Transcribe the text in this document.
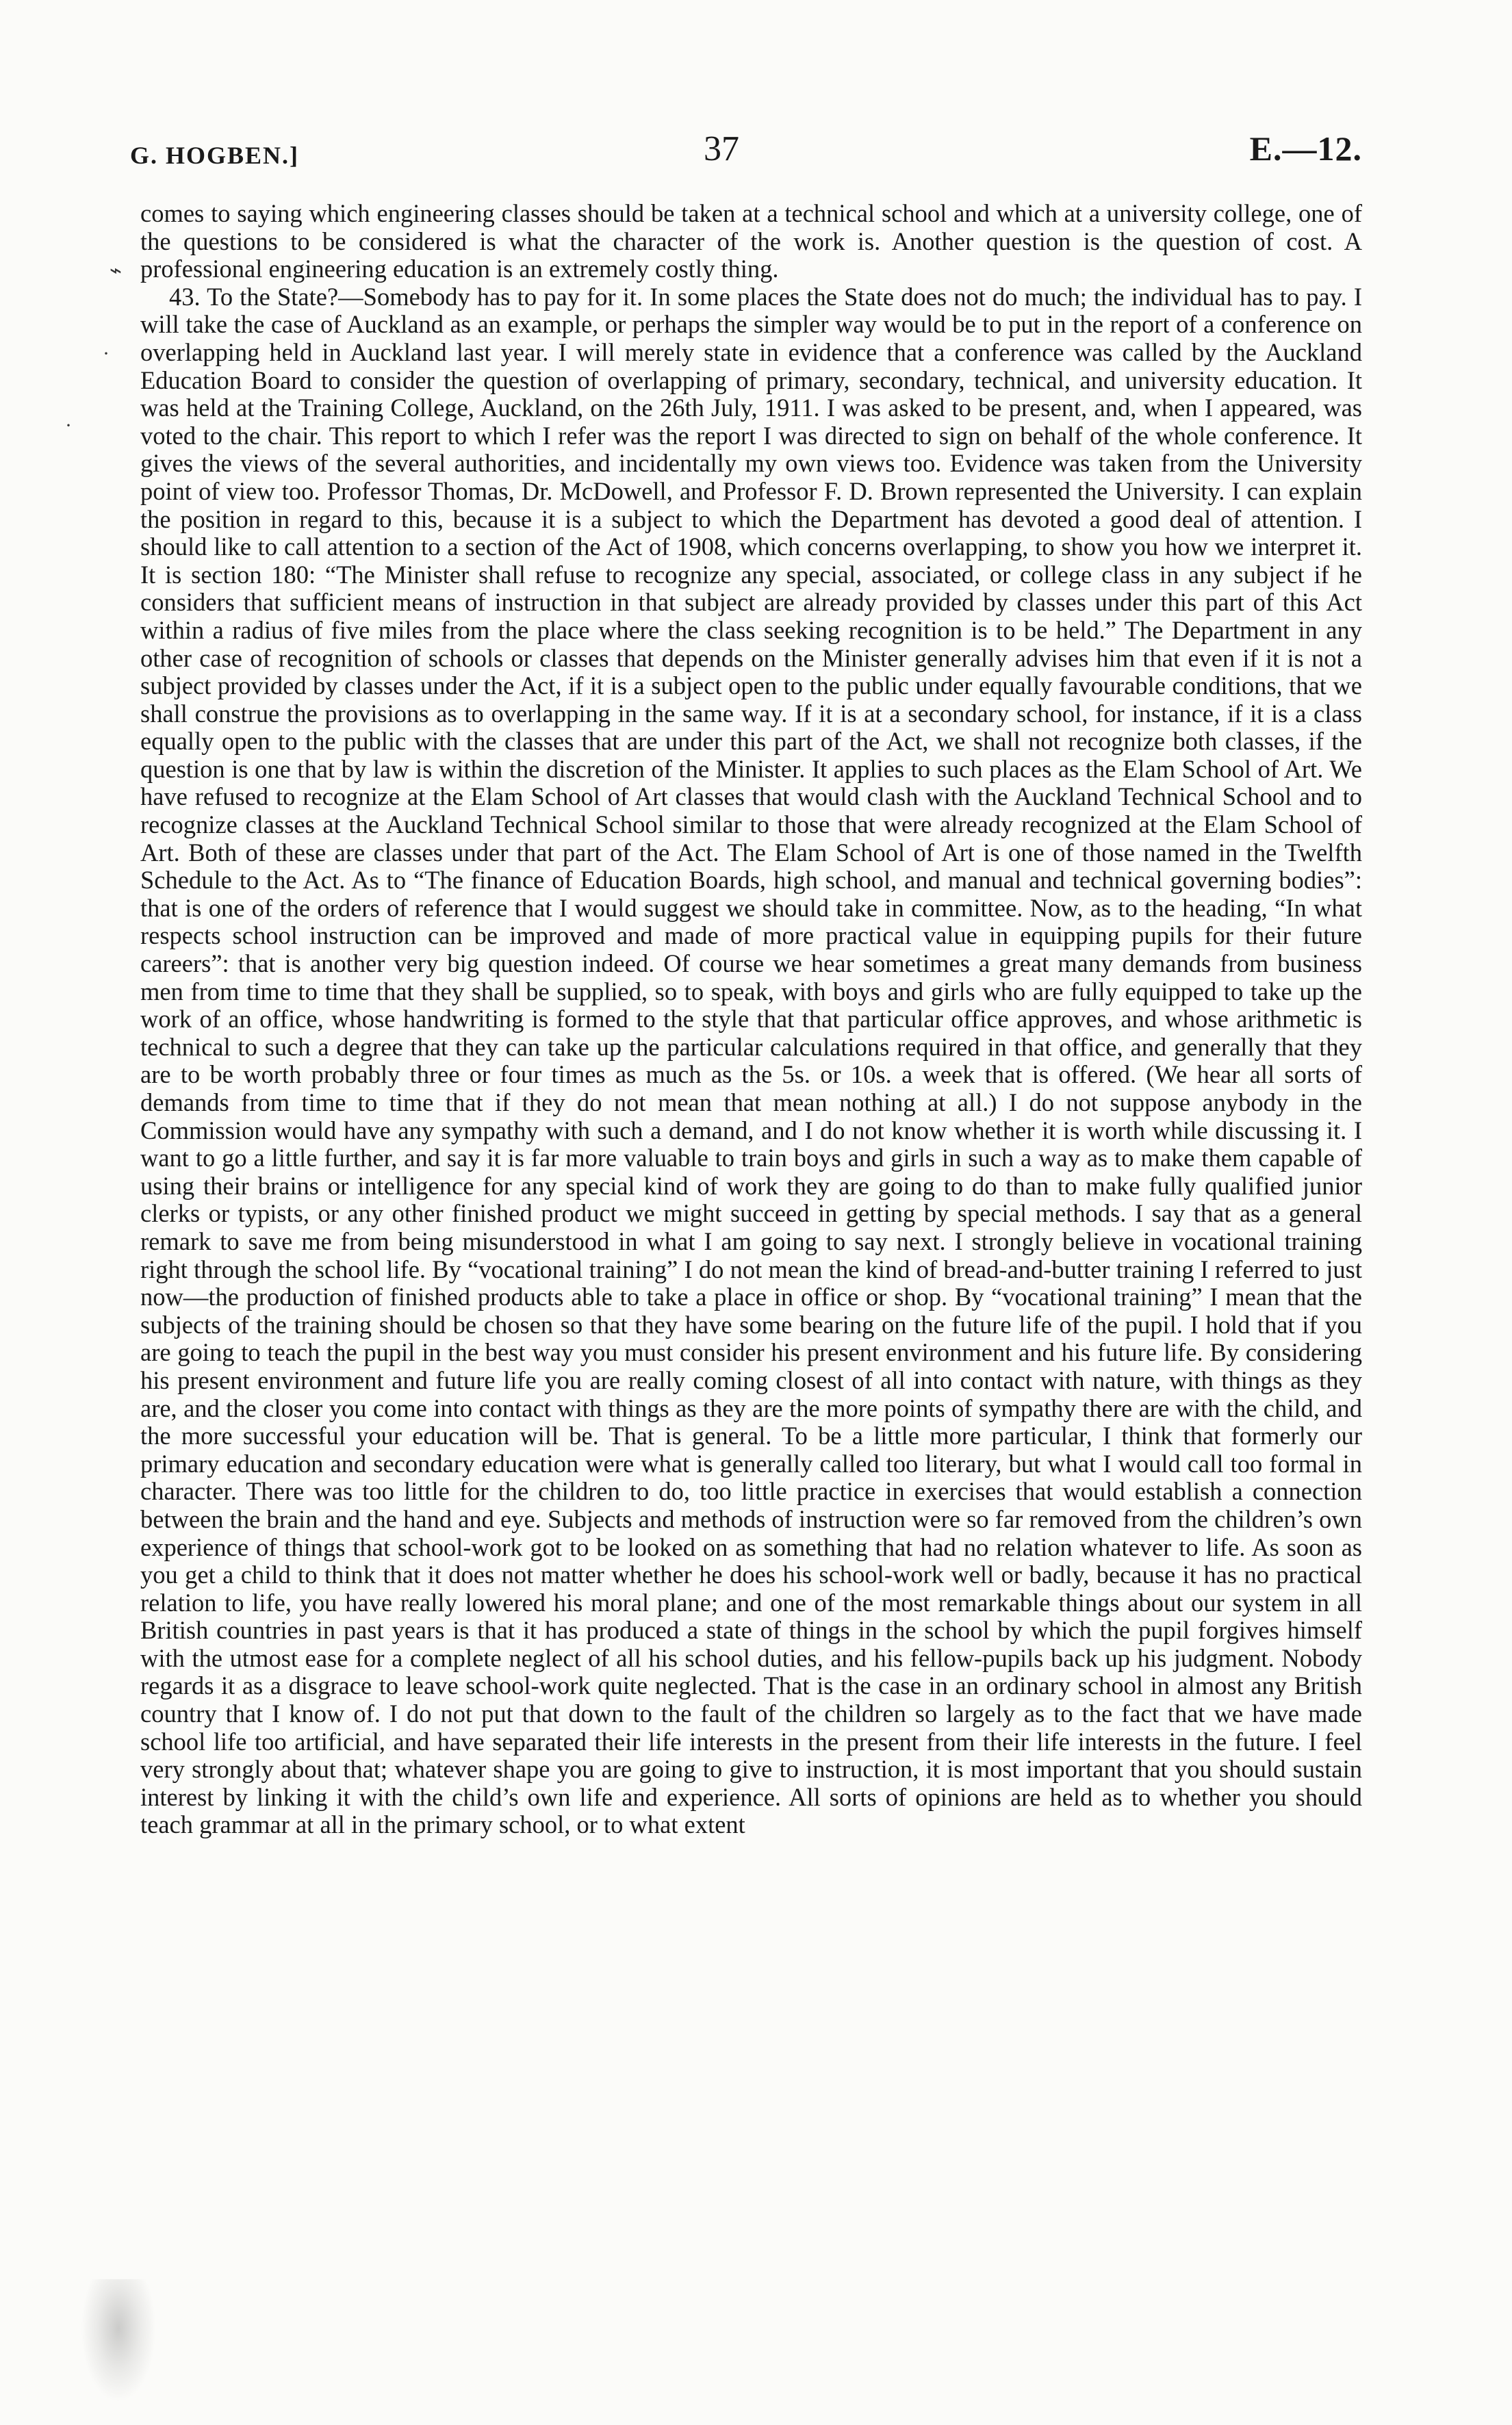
G. HOGBEN.]	37	E.—12.
⌁
·
·

comes to saying which engineering classes should be taken at a technical school and which at a university college, one of the questions to be considered is what the character of the work is. Another question is the question of cost. A professional engineering education is an extremely costly thing.

43. To the State?—Somebody has to pay for it. In some places the State does not do much; the individual has to pay. I will take the case of Auckland as an example, or perhaps the simpler way would be to put in the report of a conference on overlapping held in Auckland last year. I will merely state in evidence that a conference was called by the Auckland Education Board to consider the question of overlapping of primary, secondary, technical, and university education. It was held at the Training College, Auckland, on the 26th July, 1911. I was asked to be present, and, when I appeared, was voted to the chair. This report to which I refer was the report I was directed to sign on behalf of the whole conference. It gives the views of the several authorities, and incidentally my own views too. Evidence was taken from the University point of view too. Professor Thomas, Dr. McDowell, and Professor F. D. Brown represented the University. I can explain the position in regard to this, because it is a subject to which the Department has devoted a good deal of attention. I should like to call attention to a section of the Act of 1908, which concerns overlapping, to show you how we interpret it. It is section 180: “The Minister shall refuse to recognize any special, associated, or college class in any subject if he considers that sufficient means of instruction in that subject are already provided by classes under this part of this Act within a radius of five miles from the place where the class seeking recognition is to be held.” The Department in any other case of recognition of schools or classes that depends on the Minister generally advises him that even if it is not a subject provided by classes under the Act, if it is a subject open to the public under equally favourable conditions, that we shall construe the provisions as to overlapping in the same way. If it is at a secondary school, for instance, if it is a class equally open to the public with the classes that are under this part of the Act, we shall not recognize both classes, if the question is one that by law is within the discretion of the Minister. It applies to such places as the Elam School of Art. We have refused to recognize at the Elam School of Art classes that would clash with the Auckland Technical School and to recognize classes at the Auckland Technical School similar to those that were already recognized at the Elam School of Art. Both of these are classes under that part of the Act. The Elam School of Art is one of those named in the Twelfth Schedule to the Act. As to “The finance of Education Boards, high school, and manual and technical governing bodies”: that is one of the orders of reference that I would suggest we should take in committee. Now, as to the heading, “In what respects school instruction can be improved and made of more practical value in equipping pupils for their future careers”: that is another very big question indeed. Of course we hear sometimes a great many demands from business men from time to time that they shall be supplied, so to speak, with boys and girls who are fully equipped to take up the work of an office, whose handwriting is formed to the style that that particular office approves, and whose arithmetic is technical to such a degree that they can take up the particular calculations required in that office, and generally that they are to be worth probably three or four times as much as the 5s. or 10s. a week that is offered. (We hear all sorts of demands from time to time that if they do not mean that mean nothing at all.) I do not suppose anybody in the Commission would have any sympathy with such a demand, and I do not know whether it is worth while discussing it. I want to go a little further, and say it is far more valuable to train boys and girls in such a way as to make them capable of using their brains or intelligence for any special kind of work they are going to do than to make fully qualified junior clerks or typists, or any other finished product we might succeed in getting by special methods. I say that as a general remark to save me from being misunderstood in what I am going to say next. I strongly believe in vocational training right through the school life. By “vocational training” I do not mean the kind of bread-and-butter training I referred to just now—the production of finished products able to take a place in office or shop. By “vocational training” I mean that the subjects of the training should be chosen so that they have some bearing on the future life of the pupil. I hold that if you are going to teach the pupil in the best way you must consider his present environment and his future life. By considering his present environment and future life you are really coming closest of all into contact with nature, with things as they are, and the closer you come into contact with things as they are the more points of sympathy there are with the child, and the more successful your education will be. That is general. To be a little more particular, I think that formerly our primary education and secondary education were what is generally called too literary, but what I would call too formal in character. There was too little for the children to do, too little practice in exercises that would establish a connection between the brain and the hand and eye. Subjects and methods of instruction were so far removed from the children’s own experience of things that school-work got to be looked on as something that had no relation whatever to life. As soon as you get a child to think that it does not matter whether he does his school-work well or badly, because it has no practical relation to life, you have really lowered his moral plane; and one of the most remarkable things about our system in all British countries in past years is that it has produced a state of things in the school by which the pupil forgives himself with the utmost ease for a complete neglect of all his school duties, and his fellow-pupils back up his judgment. Nobody regards it as a disgrace to leave school-work quite neglected. That is the case in an ordinary school in almost any British country that I know of. I do not put that down to the fault of the children so largely as to the fact that we have made school life too artificial, and have separated their life interests in the present from their life interests in the future. I feel very strongly about that; whatever shape you are going to give to instruction, it is most important that you should sustain interest by linking it with the child’s own life and experience. All sorts of opinions are held as to whether you should teach grammar at all in the primary school, or to what extent
